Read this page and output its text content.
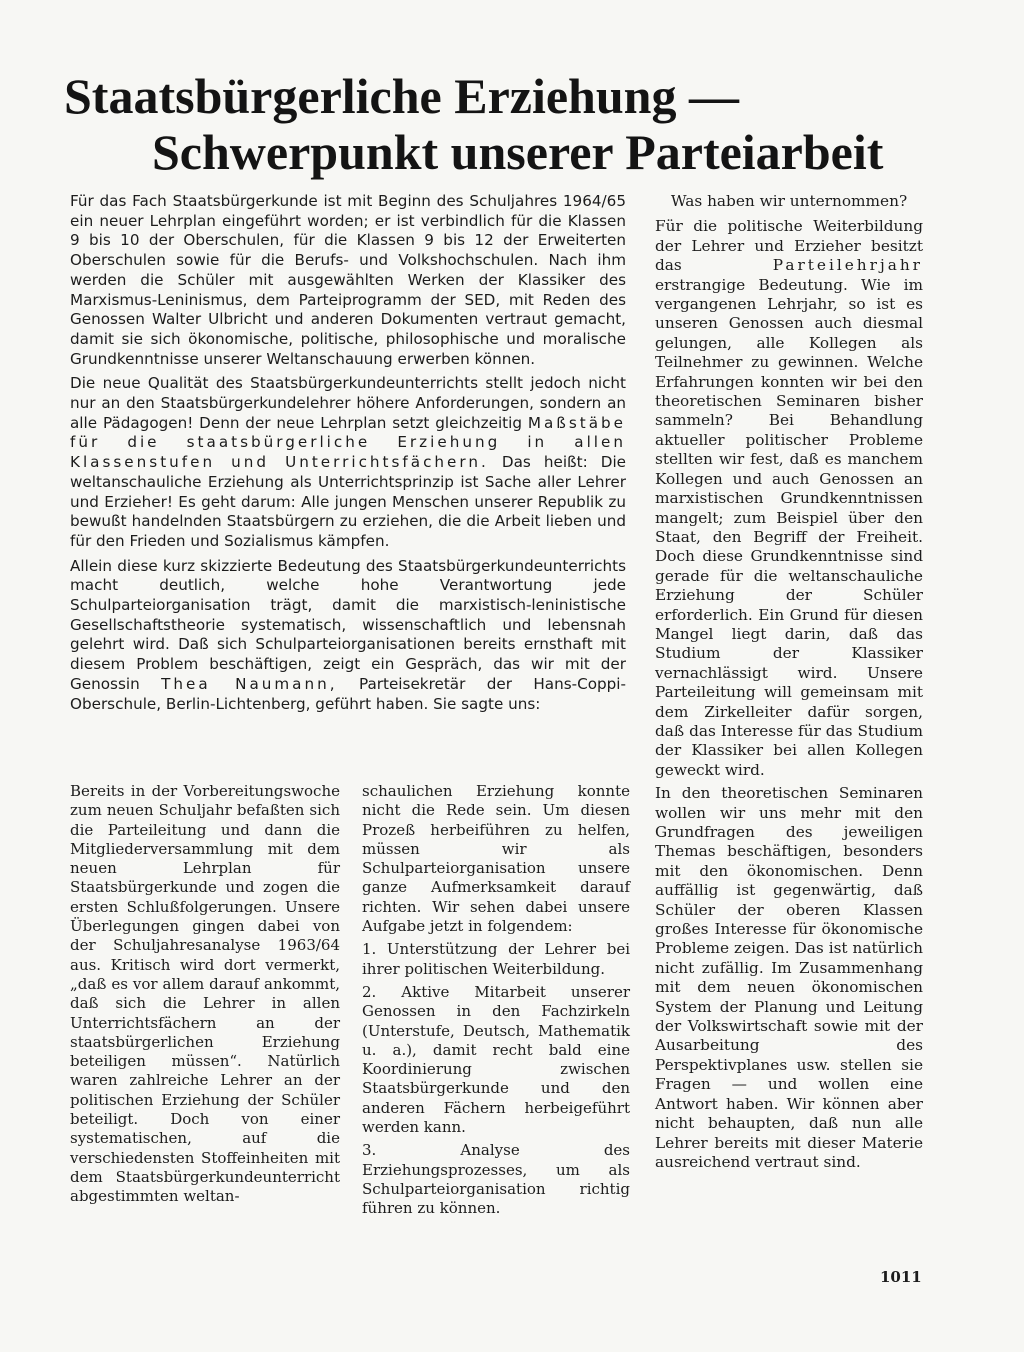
Staatsbürgerliche Erziehung —
Schwerpunkt unserer Parteiarbeit

Für das Fach Staatsbürgerkunde ist mit Beginn des Schuljahres 1964/65 ein neuer Lehrplan eingeführt worden; er ist verbindlich für die Klassen 9 bis 10 der Oberschulen, für die Klassen 9 bis 12 der Erweiterten Oberschulen sowie für die Berufs- und Volkshochschulen. Nach ihm werden die Schüler mit ausgewählten Werken der Klassiker des Marxismus-Leninismus, dem Parteiprogramm der SED, mit Reden des Genossen Walter Ulbricht und anderen Dokumenten vertraut gemacht, damit sie sich ökonomische, politische, philosophische und moralische Grundkenntnisse unserer Weltanschauung erwerben können.

Die neue Qualität des Staatsbürgerkundeunterrichts stellt jedoch nicht nur an den Staatsbürgerkundelehrer höhere Anforderungen, sondern an alle Pädagogen! Denn der neue Lehrplan setzt gleichzeitig Maßstäbe für die staatsbürgerliche Erziehung in allen Klassenstufen und Unterrichtsfächern. Das heißt: Die weltanschauliche Erziehung als Unterrichtsprinzip ist Sache aller Lehrer und Erzieher! Es geht darum: Alle jungen Menschen unserer Republik zu bewußt handelnden Staatsbürgern zu erziehen, die die Arbeit lieben und für den Frieden und Sozialismus kämpfen.

Allein diese kurz skizzierte Bedeutung des Staatsbürgerkundeunterrichts macht deutlich, welche hohe Verantwortung jede Schulparteiorganisation trägt, damit die marxistisch-leninistische Gesellschaftstheorie systematisch, wissenschaftlich und lebensnah gelehrt wird. Daß sich Schulparteiorganisationen bereits ernsthaft mit diesem Problem beschäftigen, zeigt ein Gespräch, das wir mit der Genossin Thea Naumann, Parteisekretär der Hans-Coppi-Oberschule, Berlin-Lichtenberg, geführt haben. Sie sagte uns:

Bereits in der Vorbereitungswoche zum neuen Schuljahr befaßten sich die Parteileitung und dann die Mitgliederversammlung mit dem neuen Lehrplan für Staatsbürgerkunde und zogen die ersten Schlußfolgerungen. Unsere Überlegungen gingen dabei von der Schuljahresanalyse 1963/64 aus. Kritisch wird dort vermerkt, „daß es vor allem darauf ankommt, daß sich die Lehrer in allen Unterrichtsfächern an der staatsbürgerlichen Erziehung beteiligen müssen“. Natürlich waren zahlreiche Lehrer an der politischen Erziehung der Schüler beteiligt. Doch von einer systematischen, auf die verschiedensten Stoffeinheiten mit dem Staatsbürgerkundeunterricht abgestimmten weltan-

schaulichen Erziehung konnte nicht die Rede sein. Um diesen Prozeß herbeiführen zu helfen, müssen wir als Schulparteiorganisation unsere ganze Aufmerksamkeit darauf richten. Wir sehen dabei unsere Aufgabe jetzt in folgendem:

1. Unterstützung der Lehrer bei ihrer politischen Weiterbildung.

2. Aktive Mitarbeit unserer Genossen in den Fachzirkeln (Unterstufe, Deutsch, Mathematik u. a.), damit recht bald eine Koordinierung zwischen Staatsbürgerkunde und den anderen Fächern herbeigeführt werden kann.

3. Analyse des Erziehungsprozesses, um als Schulparteiorganisation richtig führen zu können.

Was haben wir unternommen?

Für die politische Weiterbildung der Lehrer und Erzieher besitzt das	Parteilehrjahr erstrangige Bedeutung. Wie im vergangenen Lehrjahr, so ist es unseren Genossen auch diesmal gelungen, alle Kollegen als Teilnehmer zu gewinnen. Welche Erfahrungen konnten wir bei den theoretischen Seminaren bisher sammeln? Bei Behandlung aktueller politischer Probleme stellten wir fest, daß es manchem Kollegen und auch Genossen an marxistischen Grundkenntnissen mangelt; zum Beispiel über den Staat, den Begriff der Freiheit. Doch diese Grundkenntnisse sind gerade für die weltanschauliche Erziehung der Schüler erforderlich. Ein Grund für diesen Mangel liegt darin, daß das Studium der Klassiker vernachlässigt wird. Unsere Parteileitung will gemeinsam mit dem Zirkelleiter dafür sorgen, daß das Interesse für das Studium der Klassiker bei allen Kollegen geweckt wird.

In den theoretischen Seminaren wollen wir uns mehr mit den Grundfragen des jeweiligen Themas beschäftigen, besonders mit den ökonomischen. Denn auffällig ist gegenwärtig, daß Schüler der oberen Klassen großes Interesse für ökonomische Probleme zeigen. Das ist natürlich nicht zufällig. Im Zusammenhang mit dem neuen ökonomischen System der Planung und Leitung der Volkswirtschaft sowie mit der Ausarbeitung des Perspektivplanes usw. stellen sie Fragen — und wollen eine Antwort haben. Wir können aber nicht behaupten, daß nun alle Lehrer bereits mit dieser Materie ausreichend vertraut sind.

1011
